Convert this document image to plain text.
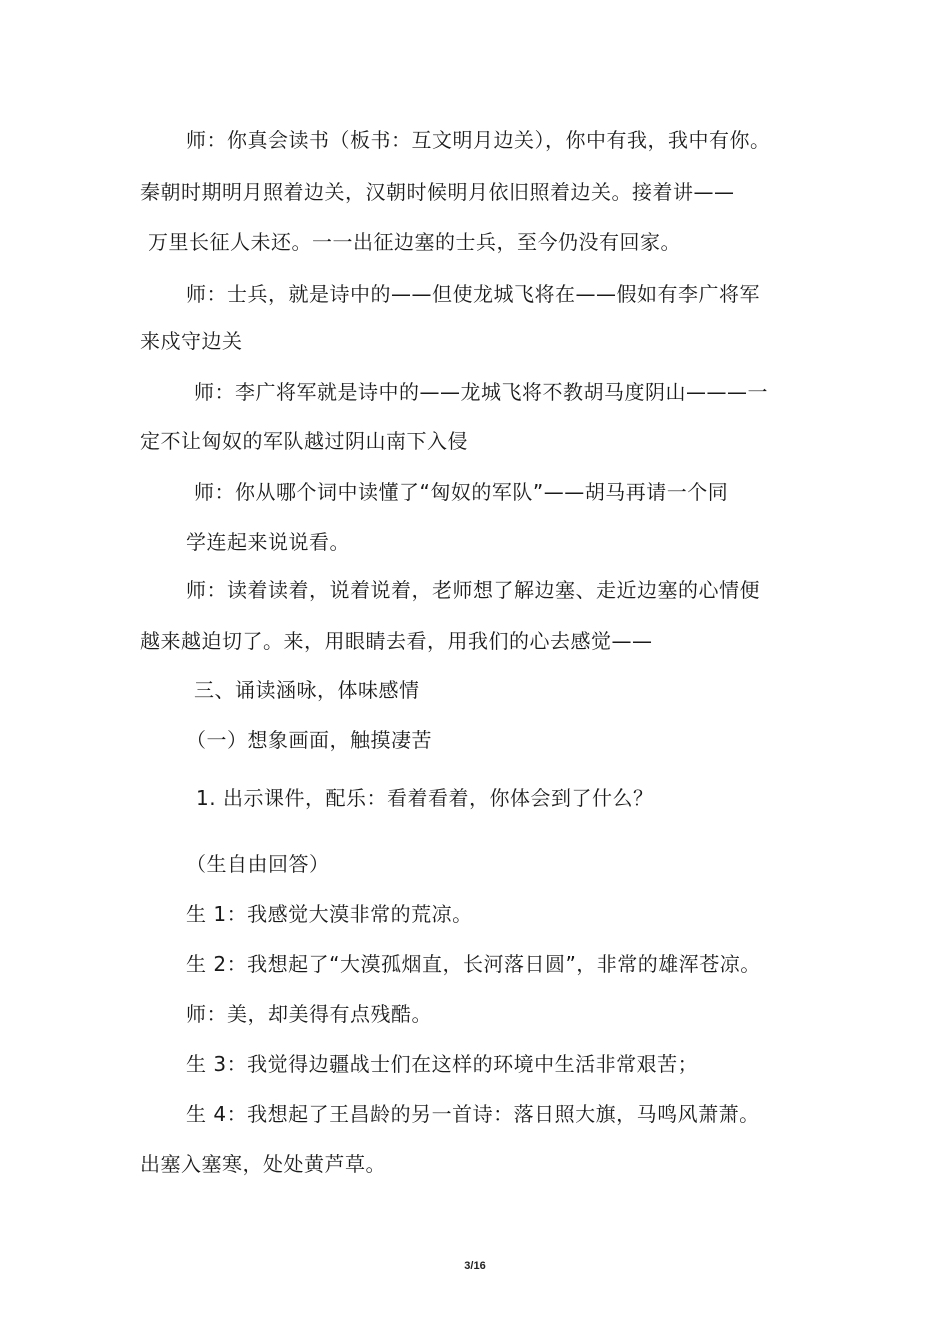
师：你真会读书（板书：互文明月边关），你中有我，我中有你。
秦朝时期明月照着边关，汉朝时候明月依旧照着边关。接着讲——
万里长征人未还。一一出征边塞的士兵，至今仍没有回家。
师：士兵，就是诗中的——但使龙城飞将在——假如有李广将军
来戍守边关
师：李广将军就是诗中的——龙城飞将不教胡马度阴山———一
定不让匈奴的军队越过阴山南下入侵
师：你从哪个词中读懂了“匈奴的军队”——胡马再请一个同
学连起来说说看。
师：读着读着，说着说着，老师想了解边塞、走近边塞的心情便
越来越迫切了。来，用眼睛去看，用我们的心去感觉——
三、诵读涵咏，体味感情
（一）想象画面，触摸凄苦
1. 出示课件，配乐：看着看着，你体会到了什么？
（生自由回答）
生 1：我感觉大漠非常的荒凉。
生 2：我想起了“大漠孤烟直，长河落日圆”，非常的雄浑苍凉。
师：美，却美得有点残酷。
生 3：我觉得边疆战士们在这样的环境中生活非常艰苦；
生 4：我想起了王昌龄的另一首诗：落日照大旗，马鸣风萧萧。
出塞入塞寒，处处黄芦草。
3/16
